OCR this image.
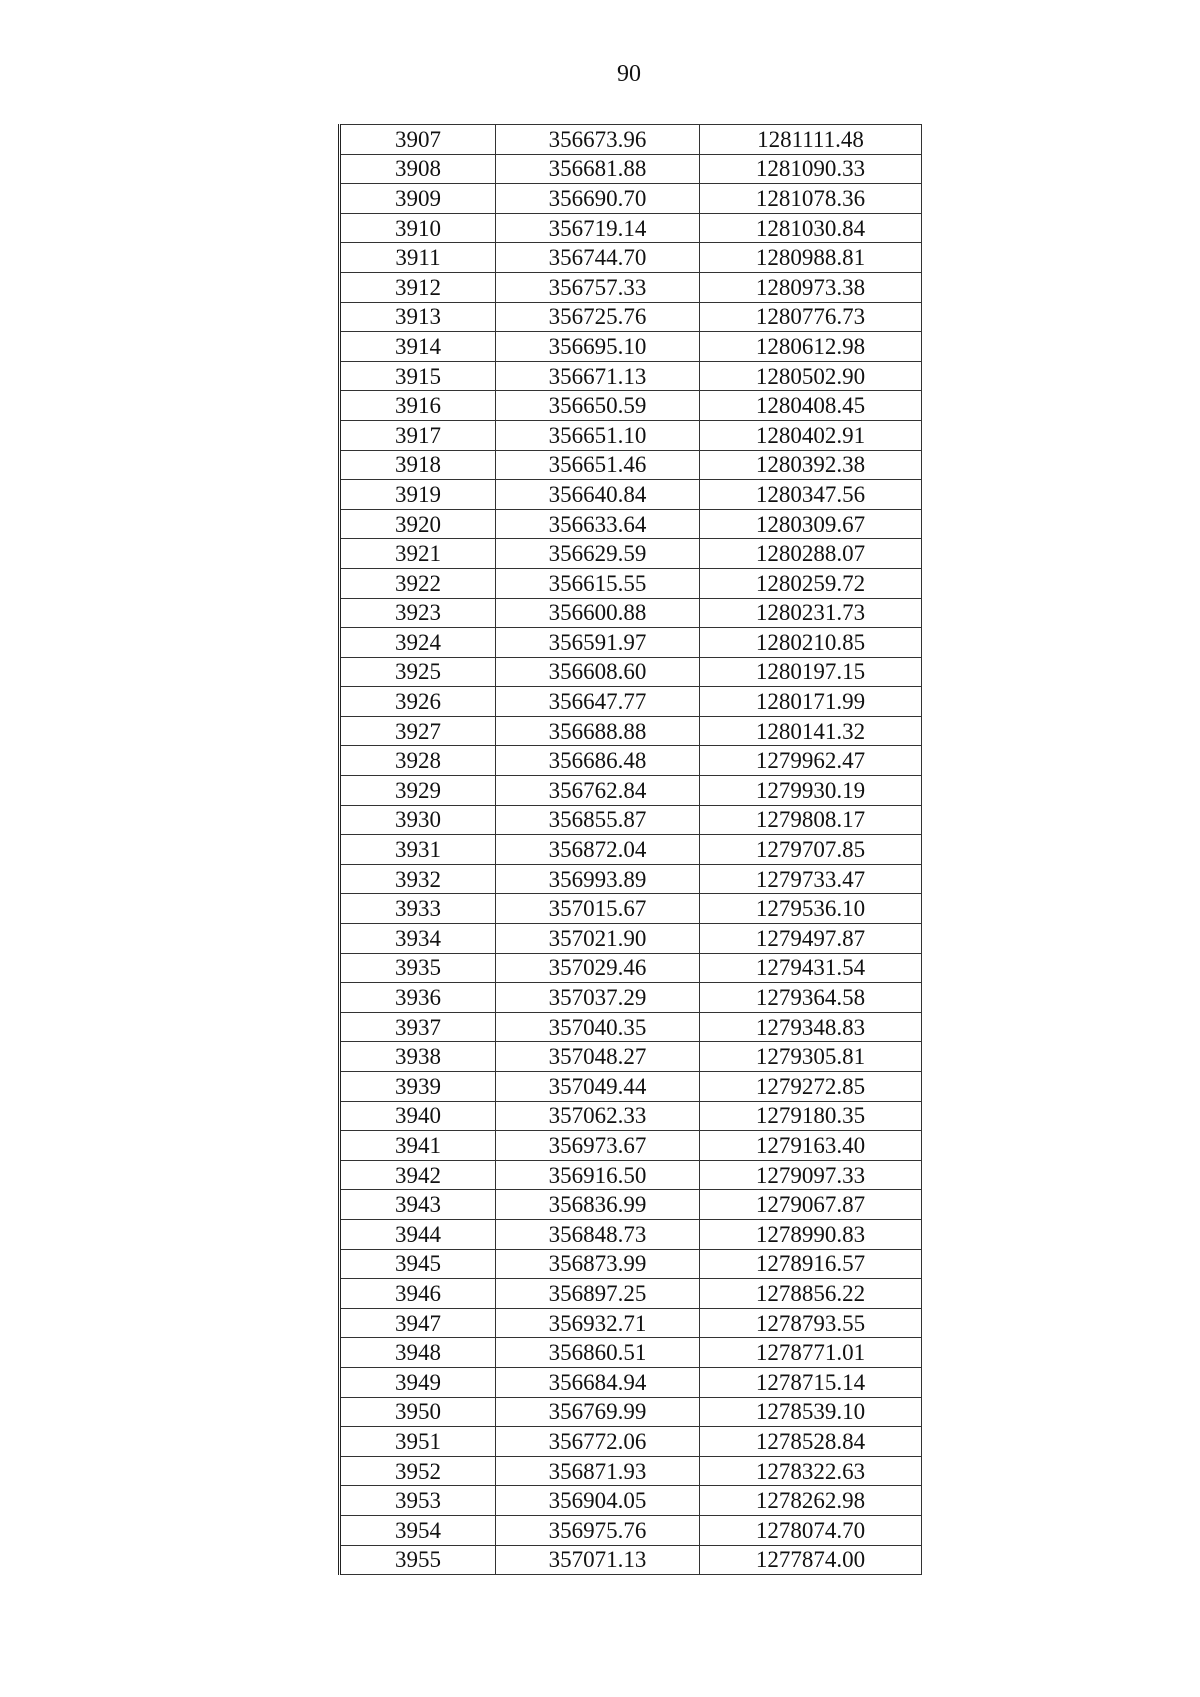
90
3907	356673.96	1281111.48
3908	356681.88	1281090.33
3909	356690.70	1281078.36
3910	356719.14	1281030.84
3911	356744.70	1280988.81
3912	356757.33	1280973.38
3913	356725.76	1280776.73
3914	356695.10	1280612.98
3915	356671.13	1280502.90
3916	356650.59	1280408.45
3917	356651.10	1280402.91
3918	356651.46	1280392.38
3919	356640.84	1280347.56
3920	356633.64	1280309.67
3921	356629.59	1280288.07
3922	356615.55	1280259.72
3923	356600.88	1280231.73
3924	356591.97	1280210.85
3925	356608.60	1280197.15
3926	356647.77	1280171.99
3927	356688.88	1280141.32
3928	356686.48	1279962.47
3929	356762.84	1279930.19
3930	356855.87	1279808.17
3931	356872.04	1279707.85
3932	356993.89	1279733.47
3933	357015.67	1279536.10
3934	357021.90	1279497.87
3935	357029.46	1279431.54
3936	357037.29	1279364.58
3937	357040.35	1279348.83
3938	357048.27	1279305.81
3939	357049.44	1279272.85
3940	357062.33	1279180.35
3941	356973.67	1279163.40
3942	356916.50	1279097.33
3943	356836.99	1279067.87
3944	356848.73	1278990.83
3945	356873.99	1278916.57
3946	356897.25	1278856.22
3947	356932.71	1278793.55
3948	356860.51	1278771.01
3949	356684.94	1278715.14
3950	356769.99	1278539.10
3951	356772.06	1278528.84
3952	356871.93	1278322.63
3953	356904.05	1278262.98
3954	356975.76	1278074.70
3955	357071.13	1277874.00
